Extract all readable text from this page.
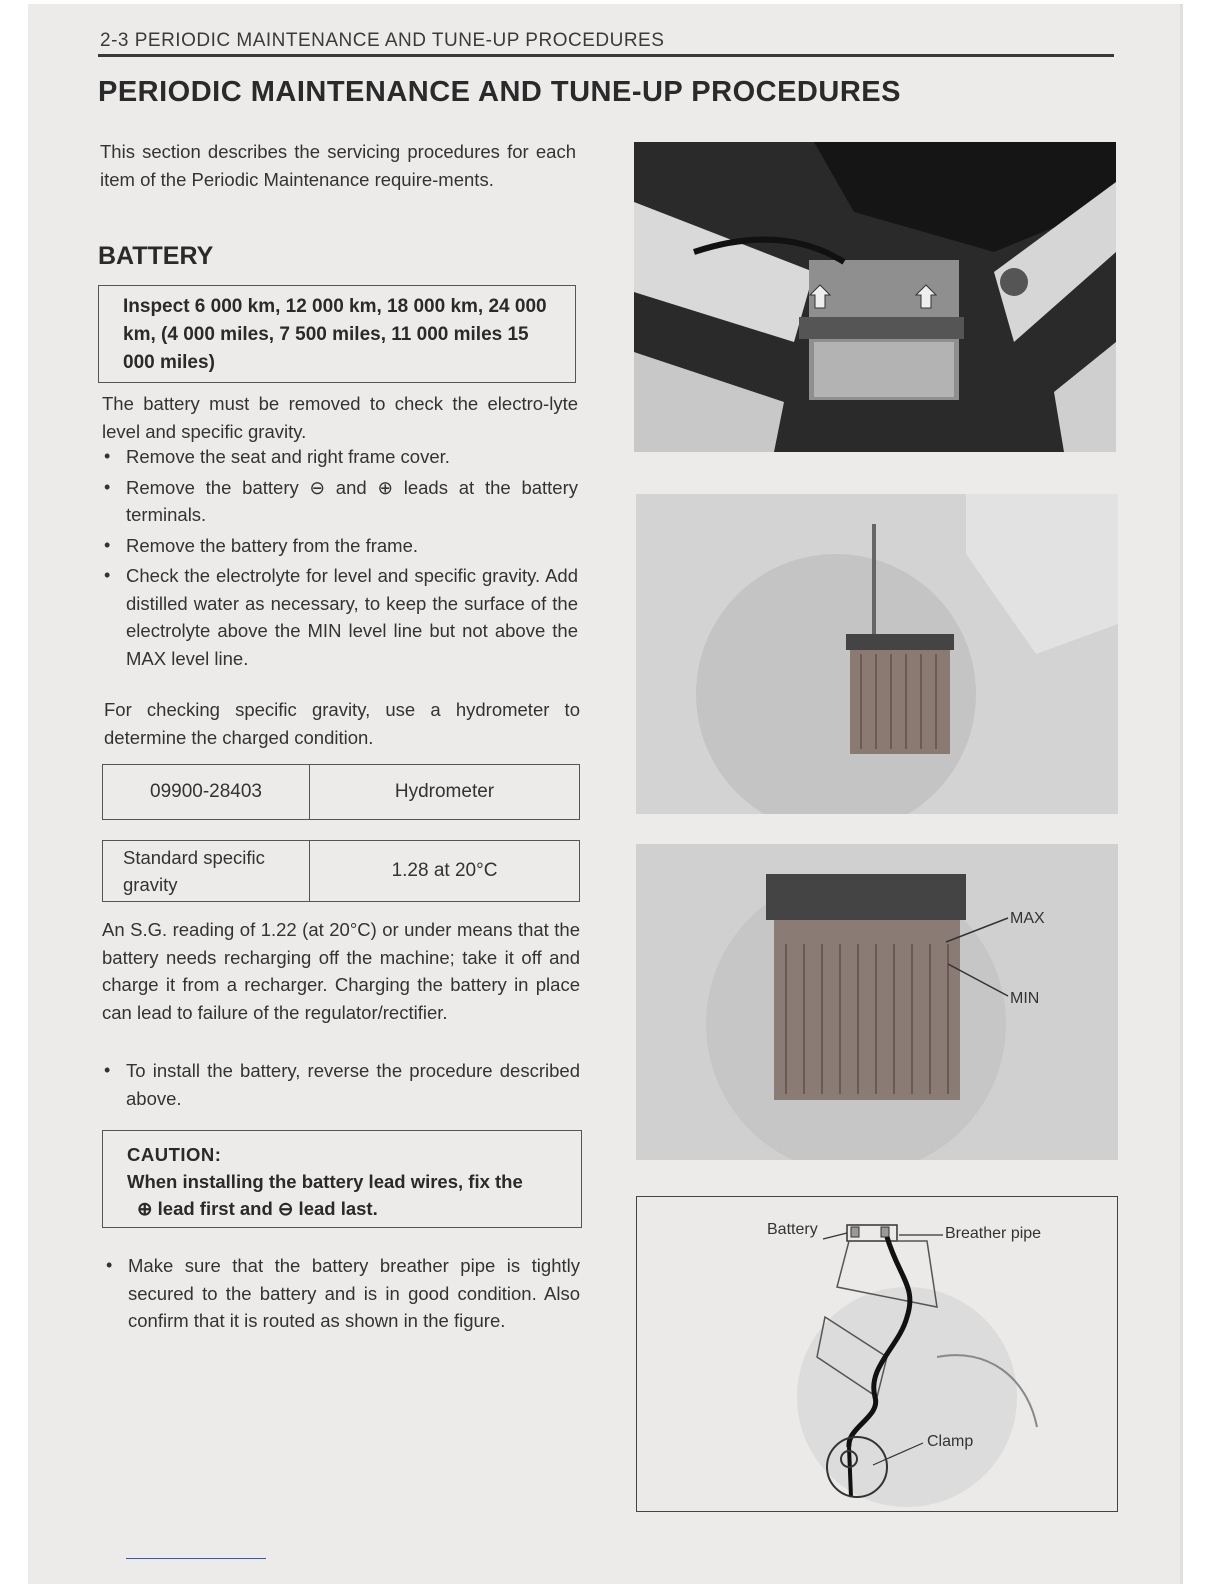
2-3 PERIODIC MAINTENANCE AND TUNE-UP PROCEDURES
PERIODIC MAINTENANCE AND TUNE-UP PROCEDURES
This section describes the servicing procedures for each item of the Periodic Maintenance require-ments.
BATTERY
Inspect 6 000 km, 12 000 km, 18 000 km, 24 000 km, (4 000 miles, 7 500 miles, 11 000 miles 15 000 miles)
The battery must be removed to check the electro-lyte level and specific gravity.
• Remove the seat and right frame cover.
• Remove the battery ⊖ and ⊕ leads at the battery terminals.
• Remove the battery from the frame.
• Check the electrolyte for level and specific gravity. Add distilled water as necessary, to keep the surface of the electrolyte above the MIN level line but not above the MAX level line.
For checking specific gravity, use a hydrometer to determine the charged condition.
09900-28403	Hydrometer
Standard specific gravity	1.28 at 20°C
An S.G. reading of 1.22 (at 20°C) or under means that the battery needs recharging off the machine; take it off and charge it from a recharger. Charging the battery in place can lead to failure of the regulator/rectifier.
• To install the battery, reverse the procedure described above.
CAUTION:
When installing the battery lead wires, fix the
⊕ lead first and ⊖ lead last.
• Make sure that the battery breather pipe is tightly secured to the battery and is in good condition. Also confirm that it is routed as shown in the figure.
MAX
MIN
Battery	Breather pipe
Clamp
